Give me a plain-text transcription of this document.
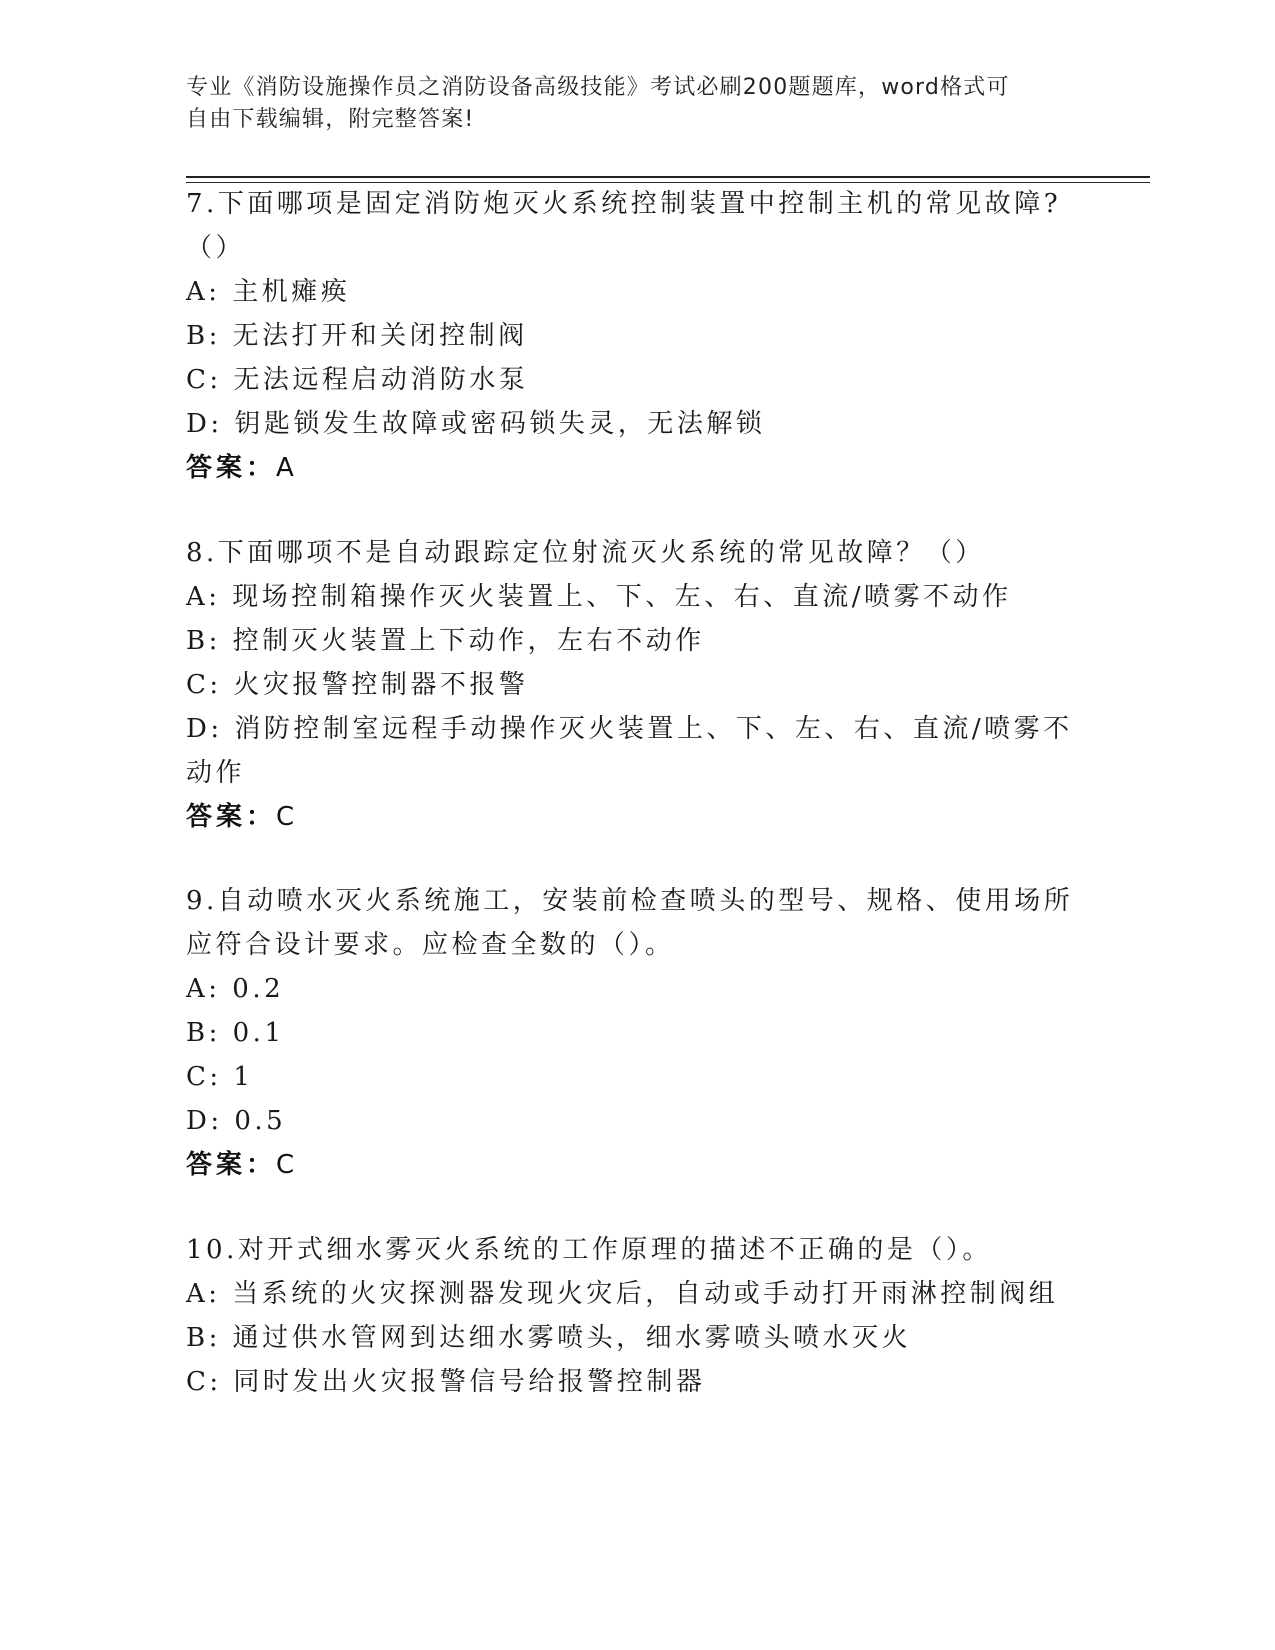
专业《消防设施操作员之消防设备高级技能》考试必刷200题题库，word格式可
自由下载编辑，附完整答案!
7.下面哪项是固定消防炮灭火系统控制装置中控制主机的常见故障?
（）
A: 主机瘫痪
B: 无法打开和关闭控制阀
C: 无法远程启动消防水泵
D: 钥匙锁发生故障或密码锁失灵，无法解锁
答案：A
8.下面哪项不是自动跟踪定位射流灭火系统的常见故障？（）
A: 现场控制箱操作灭火装置上、下、左、右、直流/喷雾不动作
B: 控制灭火装置上下动作，左右不动作
C: 火灾报警控制器不报警
D: 消防控制室远程手动操作灭火装置上、下、左、右、直流/喷雾不
动作
答案：C
9.自动喷水灭火系统施工，安装前检查喷头的型号、规格、使用场所
应符合设计要求。应检查全数的（）。
A: 0.2
B: 0.1
C: 1
D: 0.5
答案：C
10.对开式细水雾灭火系统的工作原理的描述不正确的是（）。
A: 当系统的火灾探测器发现火灾后，自动或手动打开雨淋控制阀组
B: 通过供水管网到达细水雾喷头，细水雾喷头喷水灭火
C: 同时发出火灾报警信号给报警控制器
